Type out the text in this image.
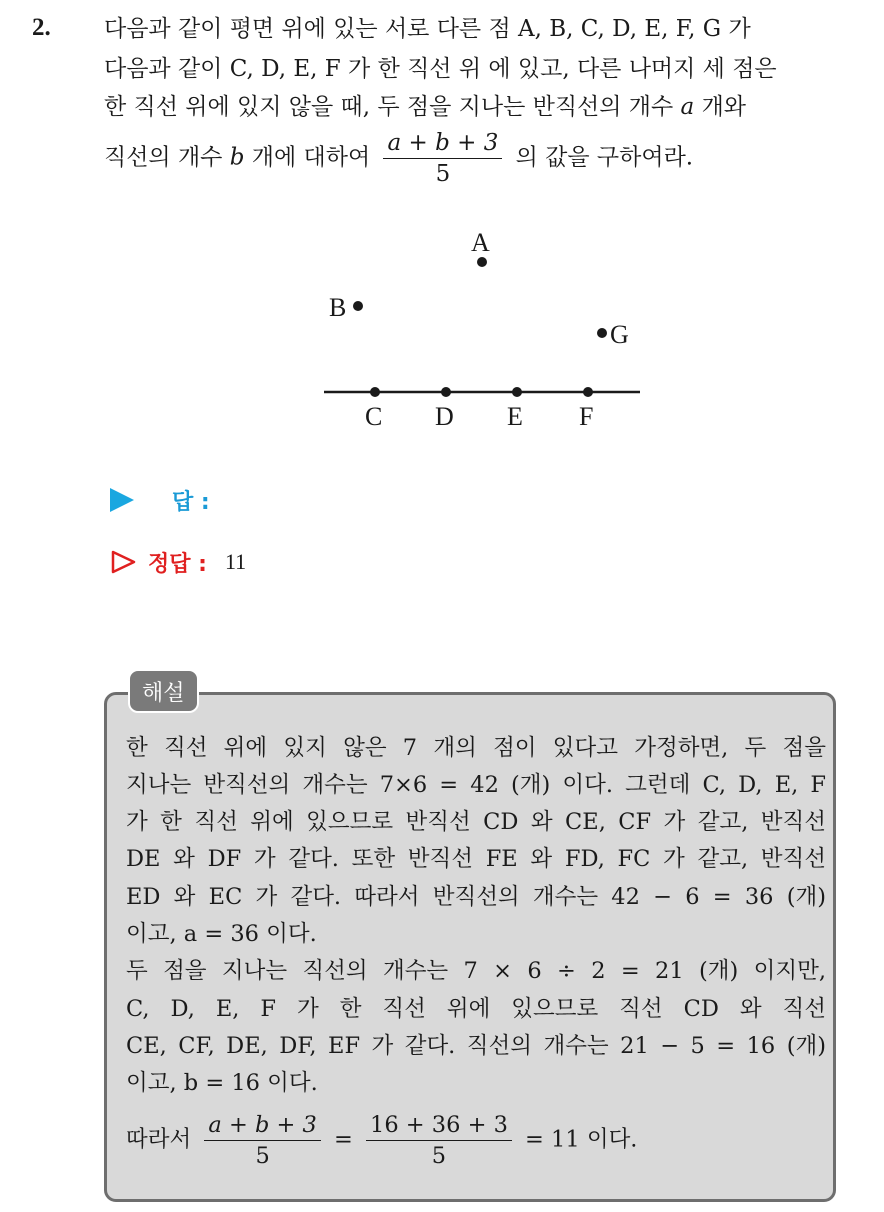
2. 다음과 같이 평면 위에 있는 서로 다른 점 A, B, C, D, E, F, G 가
다음과 같이 C, D, E, F 가 한 직선 위 에 있고, 다른 나머지 세 점은
한 직선 위에 있지 않을 때, 두 점을 지나는 반직선의 개수 a 개와
직선의 개수 b 개에 대하여 $\frac{a + b + 3}{5}$ 의 값을 구하여라.
A
B
G
C D E F
답 :
정답 : 11
해설
한 직선 위에 있지 않은 7 개의 점이 있다고 가정하면, 두 점을
지나는 반직선의 개수는 7×6 = 42 (개) 이다. 그런데 C, D, E, F
가 한 직선 위에 있으므로 반직선 CD 와 CE, CF 가 같고, 반직선
DE 와 DF 가 같다. 또한 반직선 FE 와 FD, FC 가 같고, 반직선
ED 와 EC 가 같다. 따라서 반직선의 개수는 42 − 6 = 36 (개)
이고, a = 36 이다.
두 점을 지나는 직선의 개수는 7 × 6 ÷ 2 = 21 (개) 이지만,
C, D, E, F 가 한 직선 위에 있으므로 직선 CD 와 직선
CE, CF, DE, DF, EF 가 같다. 직선의 개수는 21 − 5 = 16 (개)
이고, b = 16 이다.
따라서 $\frac{a + b + 3}{5} = \frac{16 + 36 + 3}{5} = 11$ 이다.
